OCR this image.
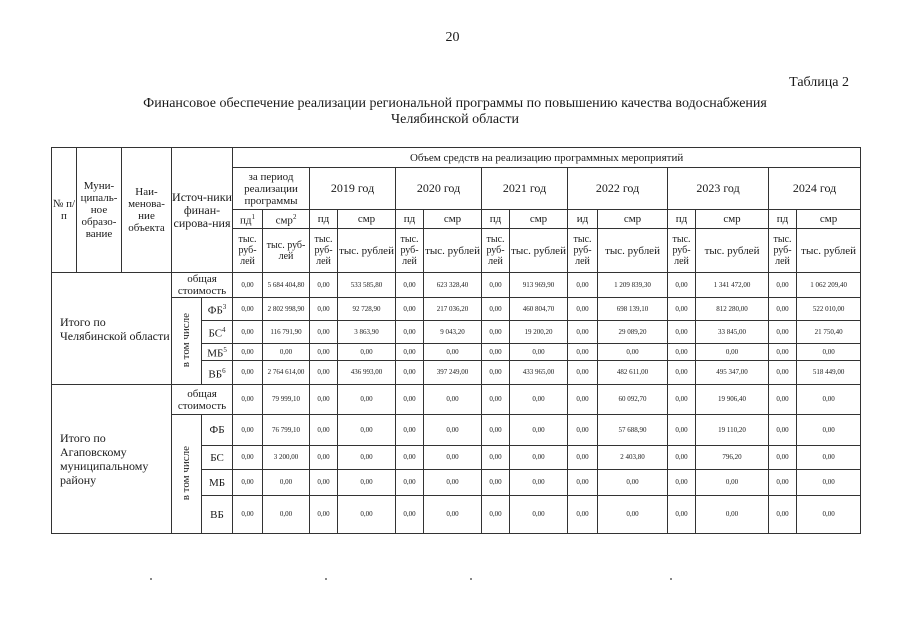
20
Таблица 2
Финансовое обеспечение реализации региональной программы по повышению качества водоснабжения
Челябинской области
№ п/п	Муни-ципаль-ное образо-вание	Наи-менова-ние объекта	Источ-ники финан-сирова-ния		Объем средств на реализацию программных мероприятий													
					за период реализации программы		2019 год		2020 год		2021 год		2022 год		2023 год		2024 год	
					$пд^1$	смр$^2$	пд	смр	пд	смр	пд	смр	ид	смр	пд	смр	пд	смр
					тыс. руб-лей	тыс. руб-лей	тыс. руб-лей	тыс. рублей	тыс. руб-лей	тыс. рублей	тыс. руб-лей	тыс. рублей	тыс. руб-лей	тыс. рублей	тыс. руб-лей	тыс. рублей	тыс. руб-лей	тыс. рублей
Итого по Челябинской области			общая стоимость		0,00	5 684 404,80	0,00	533 585,80	0,00	623 328,40	0,00	913 969,90	0,00	1 209 839,30	0,00	1 341 472,00	0,00	1 062 209,40
			в том числе	$ФБ^3$	0,00	2 802 998,90	0,00	92 728,90	0,00	217 036,20	0,00	460 804,70	0,00	698 139,10	0,00	812 280,00	0,00	522 010,00
				$БС^4$	0,00	116 791,90	0,00	3 863,90	0,00	9 043,20	0,00	19 200,20	0,00	29 089,20	0,00	33 845,00	0,00	21 750,40
				$МБ^5$	0,00	0,00	0,00	0,00	0,00	0,00	0,00	0,00	0,00	0,00	0,00	0,00	0,00	0,00
				$ВБ^6$	0,00	2 764 614,00	0,00	436 993,00	0,00	397 249,00	0,00	433 965,00	0,00	482 611,00	0,00	495 347,00	0,00	518 449,00
Итого по Агаповскому муниципальному району			общая стоимость		0,00	79 999,10	0,00	0,00	0,00	0,00	0,00	0,00	0,00	60 092,70	0,00	19 906,40	0,00	0,00
			в том числе	ФБ	0,00	76 799,10	0,00	0,00	0,00	0,00	0,00	0,00	0,00	57 688,90	0,00	19 110,20	0,00	0,00
				БС	0,00	3 200,00	0,00	0,00	0,00	0,00	0,00	0,00	0,00	2 403,80	0,00	796,20	0,00	0,00
				МБ	0,00	0,00	0,00	0,00	0,00	0,00	0,00	0,00	0,00	0,00	0,00	0,00	0,00	0,00
				ВБ	0,00	0,00	0,00	0,00	0,00	0,00	0,00	0,00	0,00	0,00	0,00	0,00	0,00	0,00
